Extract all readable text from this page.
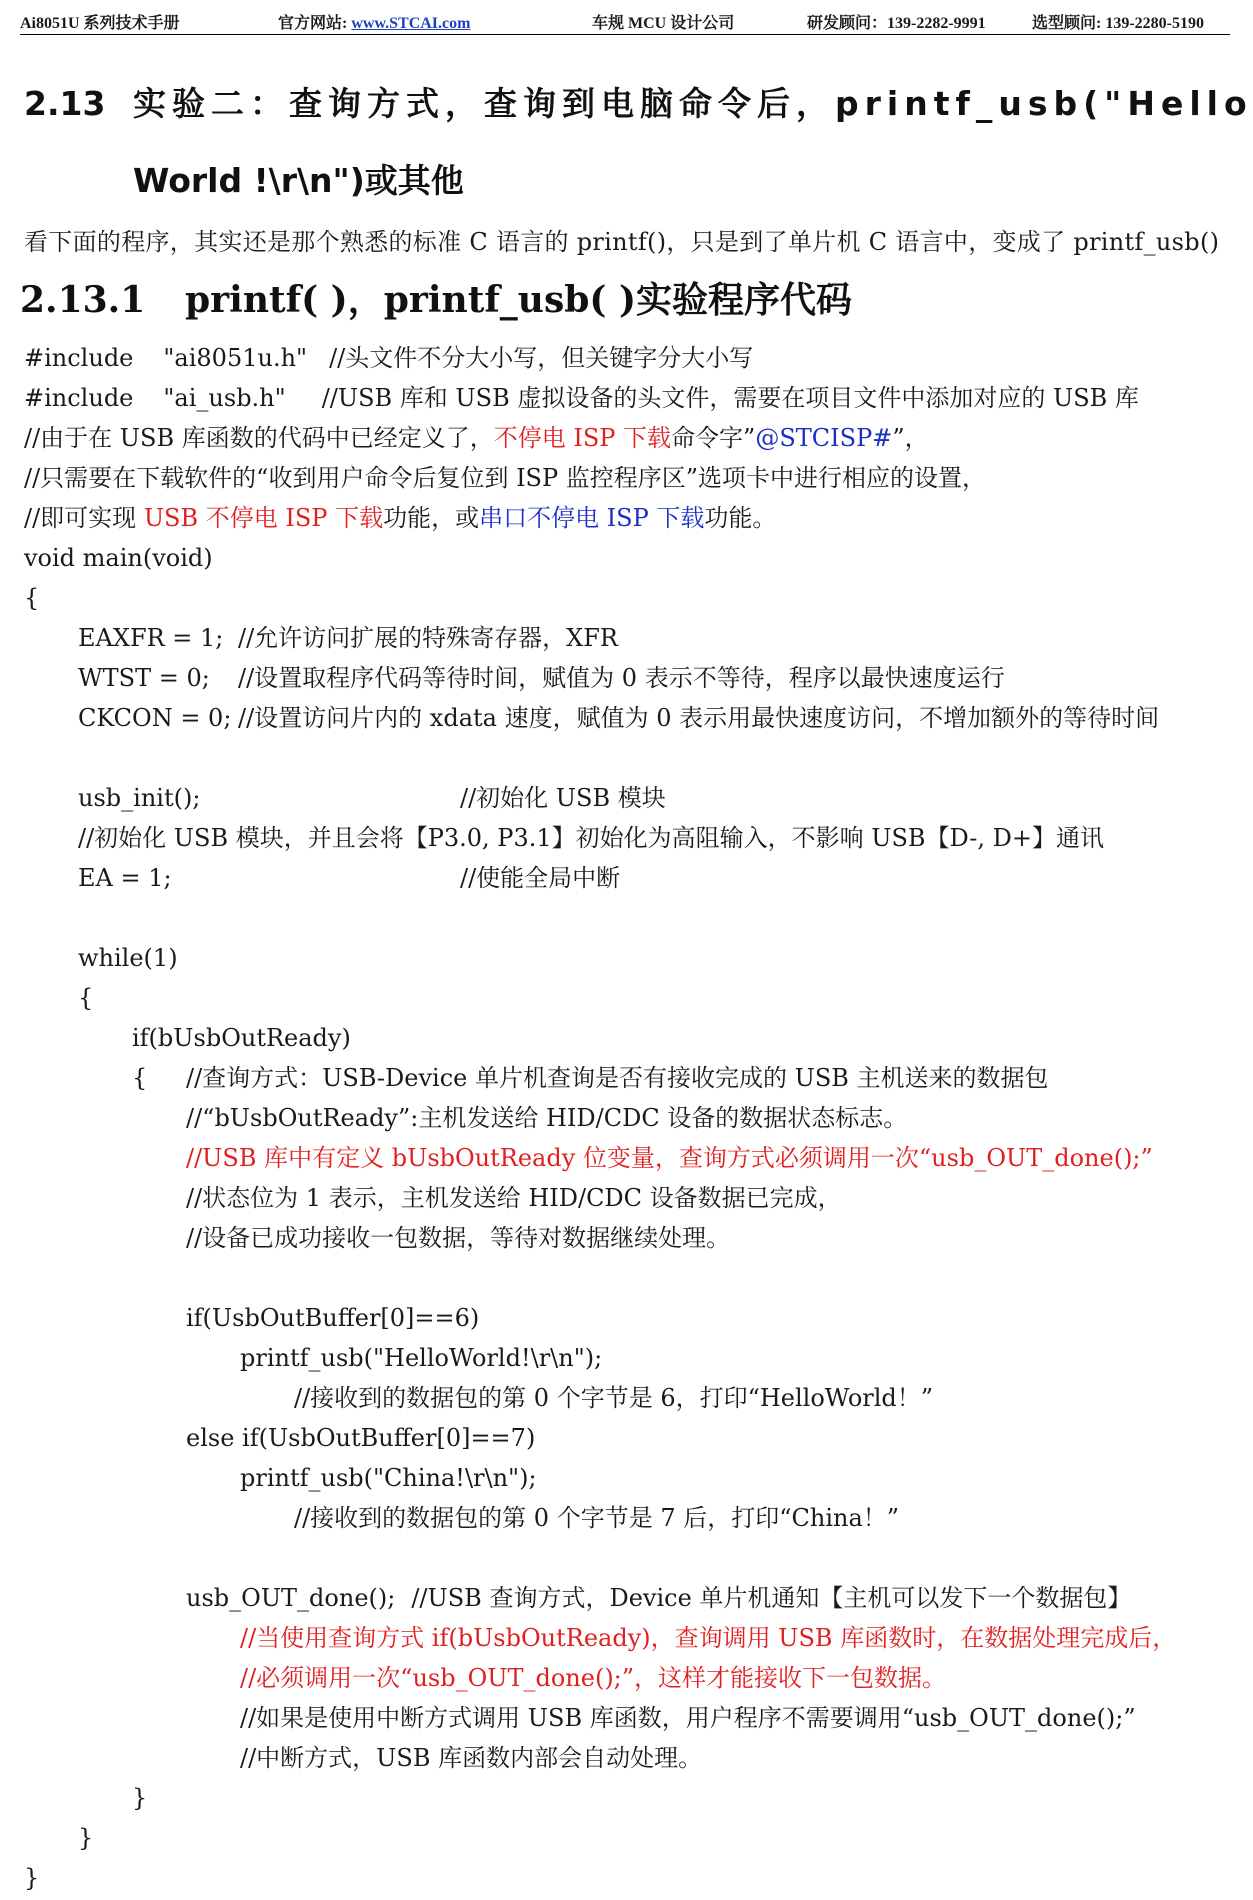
Ai8051U 系列技术手册	官方网站: www.STCAI.com	车规 MCU 设计公司	研发顾问：139-2282-9991	选型顾问: 139-2280-5190
2.13 实验二：查询方式，查询到电脑命令后，printf_usb("Hello
World !\r\n")或其他
看下面的程序，其实还是那个熟悉的标准 C 语言的 printf()，只是到了单片机 C 语言中，变成了 printf_usb()
2.13.1 printf( )，printf_usb( )实验程序代码
#include "ai8051u.h" //头文件不分大小写，但关键字分大小写
#include "ai_usb.h" //USB 库和 USB 虚拟设备的头文件，需要在项目文件中添加对应的 USB 库
//由于在 USB 库函数的代码中已经定义了，不停电 ISP 下载命令字”@STCISP#”，
//只需要在下载软件的“收到用户命令后复位到 ISP 监控程序区”选项卡中进行相应的设置，
//即可实现 USB 不停电 ISP 下载功能，或串口不停电 ISP 下载功能。
void main(void)
{
EAXFR = 1; //允许访问扩展的特殊寄存器，XFR
WTST = 0; //设置取程序代码等待时间，赋值为 0 表示不等待，程序以最快速度运行
CKCON = 0; //设置访问片内的 xdata 速度，赋值为 0 表示用最快速度访问，不增加额外的等待时间
usb_init();	//初始化 USB 模块
//初始化 USB 模块，并且会将【P3.0, P3.1】初始化为高阻输入，不影响 USB【D-, D+】通讯
EA = 1;	//使能全局中断
while(1)
{
if(bUsbOutReady)
{ //查询方式：USB-Device 单片机查询是否有接收完成的 USB 主机送来的数据包
//“bUsbOutReady”:主机发送给 HID/CDC 设备的数据状态标志。
//USB 库中有定义 bUsbOutReady 位变量，查询方式必须调用一次“usb_OUT_done();”
//状态位为 1 表示，主机发送给 HID/CDC 设备数据已完成，
//设备已成功接收一包数据，等待对数据继续处理。
if(UsbOutBuffer[0]==6)
printf_usb("HelloWorld!\r\n");
//接收到的数据包的第 0 个字节是 6，打印“HelloWorld！”
else if(UsbOutBuffer[0]==7)
printf_usb("China!\r\n");
//接收到的数据包的第 0 个字节是 7 后，打印“China！”
usb_OUT_done(); //USB 查询方式，Device 单片机通知【主机可以发下一个数据包】
//当使用查询方式 if(bUsbOutReady)，查询调用 USB 库函数时，在数据处理完成后，
//必须调用一次“usb_OUT_done();”，这样才能接收下一包数据。
//如果是使用中断方式调用 USB 库函数，用户程序不需要调用“usb_OUT_done();”
//中断方式，USB 库函数内部会自动处理。
}
}
}
